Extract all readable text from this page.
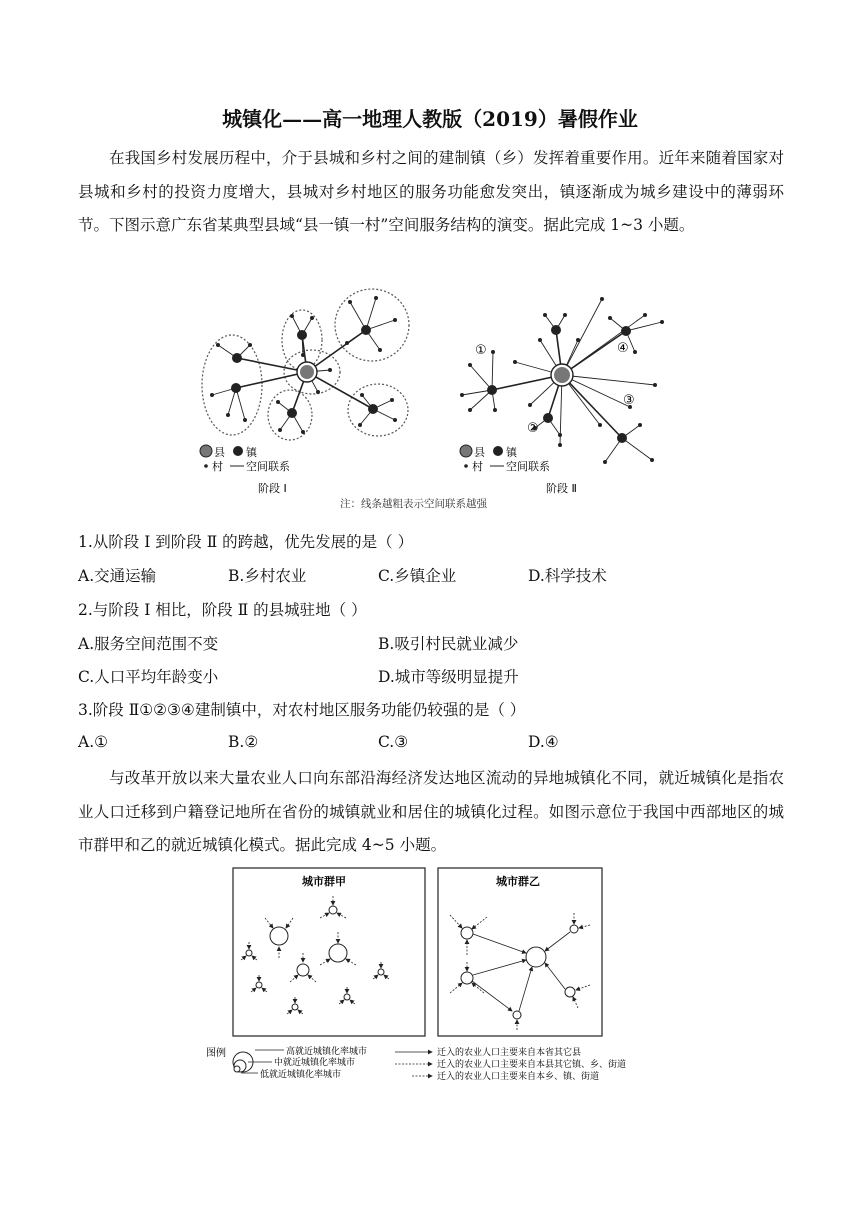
城镇化——高一地理人教版（2019）暑假作业

在我国乡村发展历程中，介于县城和乡村之间的建制镇（乡）发挥着重要作用。近年来随着国家对县城和乡村的投资力度增大，县城对乡村地区的服务功能愈发突出，镇逐渐成为城乡建设中的薄弱环节。下图示意广东省某典型县域“县一镇一村”空间服务结构的演变。据此完成 1~3 小题。

县 镇
村 空间联系
阶段 I
①
②
③
④
县 镇
村 空间联系
阶段 Ⅱ
注：线条越粗表示空间联系越强
1.从阶段 I 到阶段 Ⅱ 的跨越，优先发展的是（ ）
A.交通运输	B.乡村农业	C.乡镇企业	D.科学技术
2.与阶段 I 相比，阶段 Ⅱ 的县城驻地（ ）
A.服务空间范围不变	B.吸引村民就业减少
C.人口平均年龄变小	D.城市等级明显提升
3.阶段 Ⅱ①②③④建制镇中，对农村地区服务功能仍较强的是（ ）
A.①	B.②	C.③	D.④

与改革开放以来大量农业人口向东部沿海经济发达地区流动的异地城镇化不同，就近城镇化是指农业人口迁移到户籍登记地所在省份的城镇就业和居住的城镇化过程。如图示意位于我国中西部地区的城市群甲和乙的就近城镇化模式。据此完成 4~5 小题。

城市群甲	城市群乙
图例	高就近城镇化率城市
中就近城镇化率城市
低就近城镇化率城市
迁入的农业人口主要来自本省其它县
迁入的农业人口主要来自本县其它镇、乡、街道
迁入的农业人口主要来自本乡、镇、街道
